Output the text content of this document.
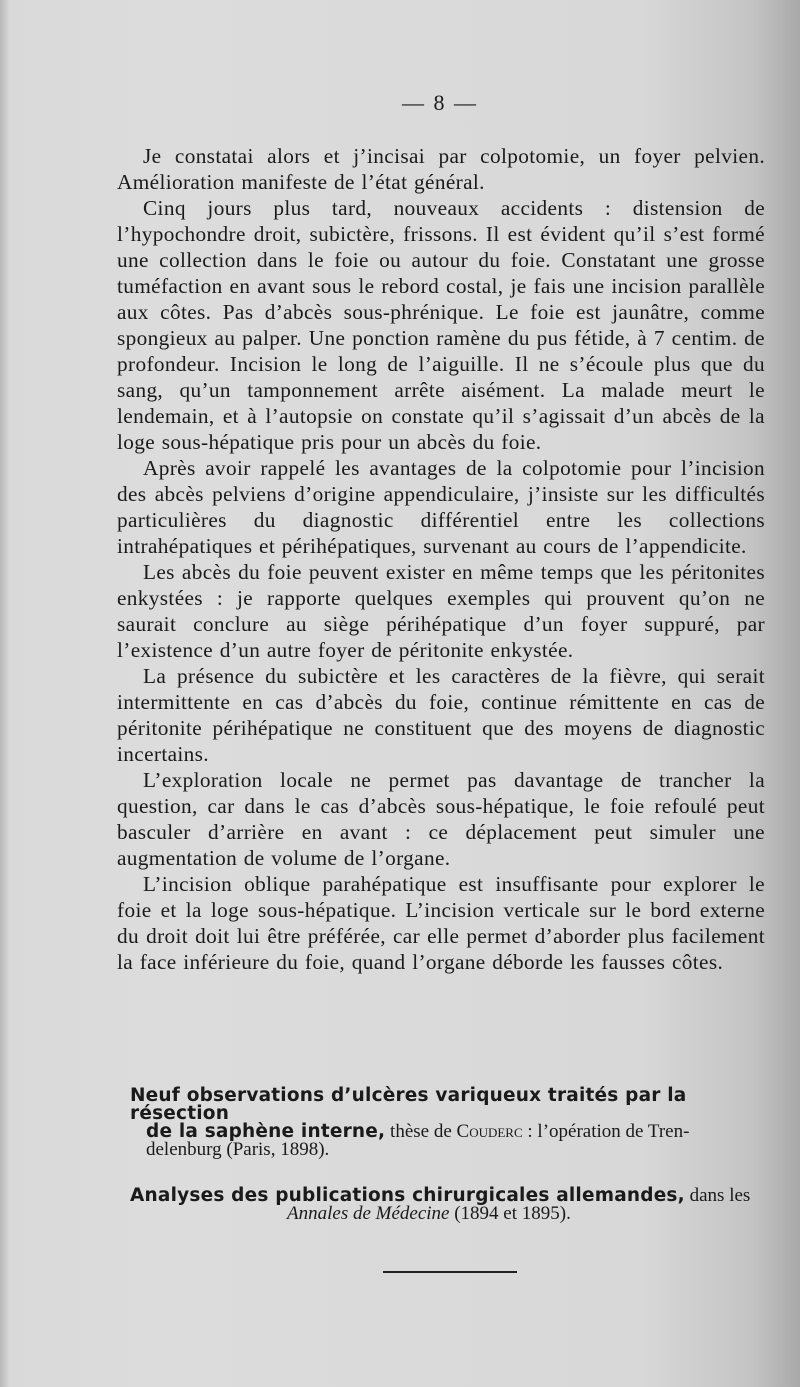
— 8 —

Je constatai alors et j’incisai par colpotomie, un foyer pelvien. Amélioration manifeste de l’état général.

Cinq jours plus tard, nouveaux accidents : distension de l’hypochondre droit, subictère, frissons. Il est évident qu’il s’est formé une collection dans le foie ou autour du foie. Constatant une grosse tuméfaction en avant sous le rebord costal, je fais une incision parallèle aux côtes. Pas d’abcès sous-phrénique. Le foie est jaunâtre, comme spongieux au palper. Une ponction ramène du pus fétide, à 7 centim. de profondeur. Incision le long de l’aiguille. Il ne s’écoule plus que du sang, qu’un tamponnement arrête aisément. La malade meurt le lendemain, et à l’autopsie on constate qu’il s’agissait d’un abcès de la loge sous-hépatique pris pour un abcès du foie.

Après avoir rappelé les avantages de la colpotomie pour l’incision des abcès pelviens d’origine appendiculaire, j’insiste sur les difficultés particulières du diagnostic différentiel entre les collections intrahépatiques et périhépatiques, survenant au cours de l’appendicite.

Les abcès du foie peuvent exister en même temps que les péritonites enkystées : je rapporte quelques exemples qui prouvent qu’on ne saurait conclure au siège périhépatique d’un foyer suppuré, par l’existence d’un autre foyer de péritonite enkystée.

La présence du subictère et les caractères de la fièvre, qui serait intermittente en cas d’abcès du foie, continue rémittente en cas de péritonite périhépatique ne constituent que des moyens de diagnostic incertains.

L’exploration locale ne permet pas davantage de trancher la question, car dans le cas d’abcès sous-hépatique, le foie refoulé peut basculer d’arrière en avant : ce déplacement peut simuler une augmentation de volume de l’organe.

L’incision oblique parahépatique est insuffisante pour explorer le foie et la loge sous-hépatique. L’incision verticale sur le bord externe du droit doit lui être préférée, car elle permet d’aborder plus facilement la face inférieure du foie, quand l’organe déborde les fausses côtes.

Neuf observations d’ulcères variqueux traités par la résection
de la saphène interne, thèse de Couderc : l’opération de Tren-
delenburg (Paris, 1898).
Analyses des publications chirurgicales allemandes, dans les
Annales de Médecine (1894 et 1895).
